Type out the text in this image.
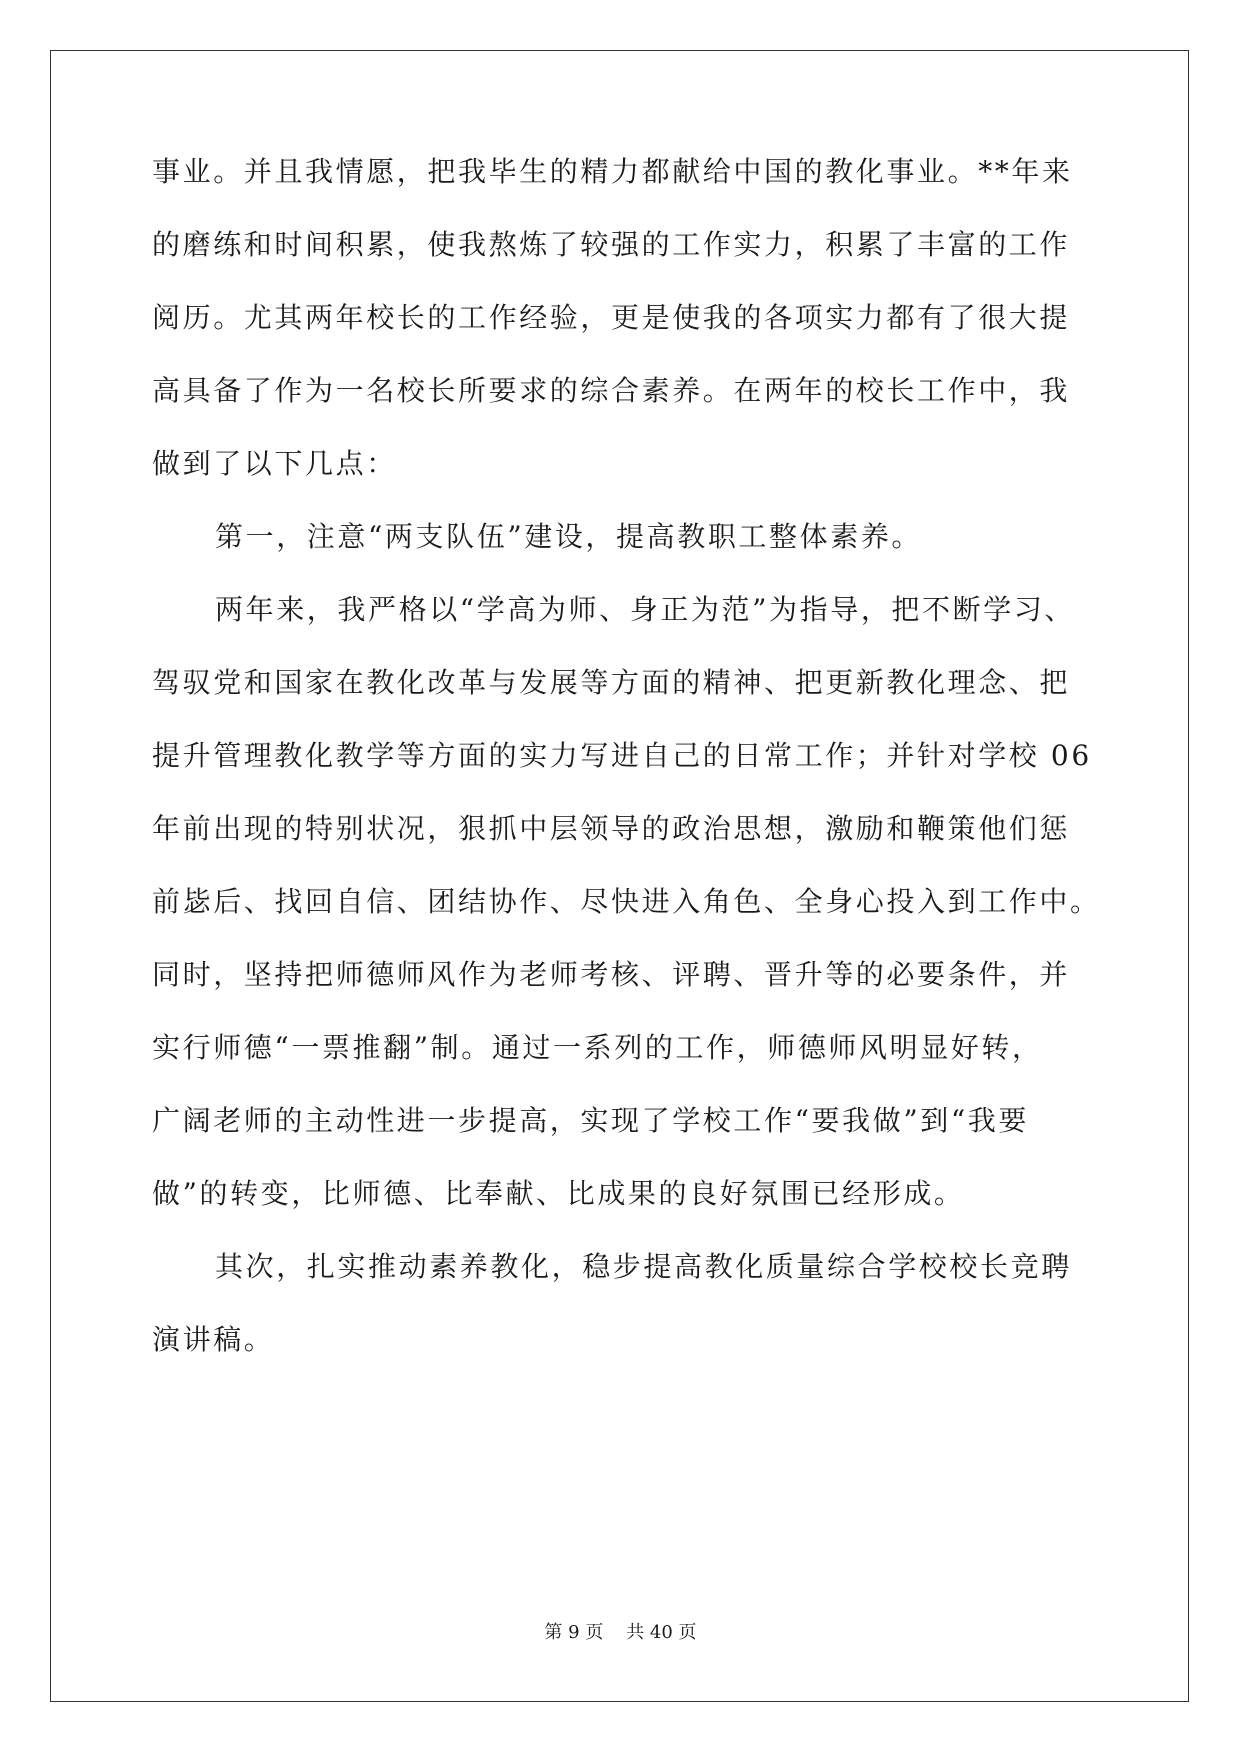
事业。并且我情愿，把我毕生的精力都献给中国的教化事业。**年来
的磨练和时间积累，使我熬炼了较强的工作实力，积累了丰富的工作
阅历。尤其两年校长的工作经验，更是使我的各项实力都有了很大提
高具备了作为一名校长所要求的综合素养。在两年的校长工作中，我
做到了以下几点：
第一，注意“两支队伍”建设，提高教职工整体素养。
两年来，我严格以“学高为师、身正为范”为指导，把不断学习、
驾驭党和国家在教化改革与发展等方面的精神、把更新教化理念、把
提升管理教化教学等方面的实力写进自己的日常工作；并针对学校 06
年前出现的特别状况，狠抓中层领导的政治思想，激励和鞭策他们惩
前毖后、找回自信、团结协作、尽快进入角色、全身心投入到工作中。
同时，坚持把师德师风作为老师考核、评聘、晋升等的必要条件，并
实行师德“一票推翻”制。通过一系列的工作，师德师风明显好转，
广阔老师的主动性进一步提高，实现了学校工作“要我做”到“我要
做”的转变，比师德、比奉献、比成果的良好氛围已经形成。
其次，扎实推动素养教化，稳步提高教化质量综合学校校长竞聘
演讲稿。
第 9 页    共 40 页
